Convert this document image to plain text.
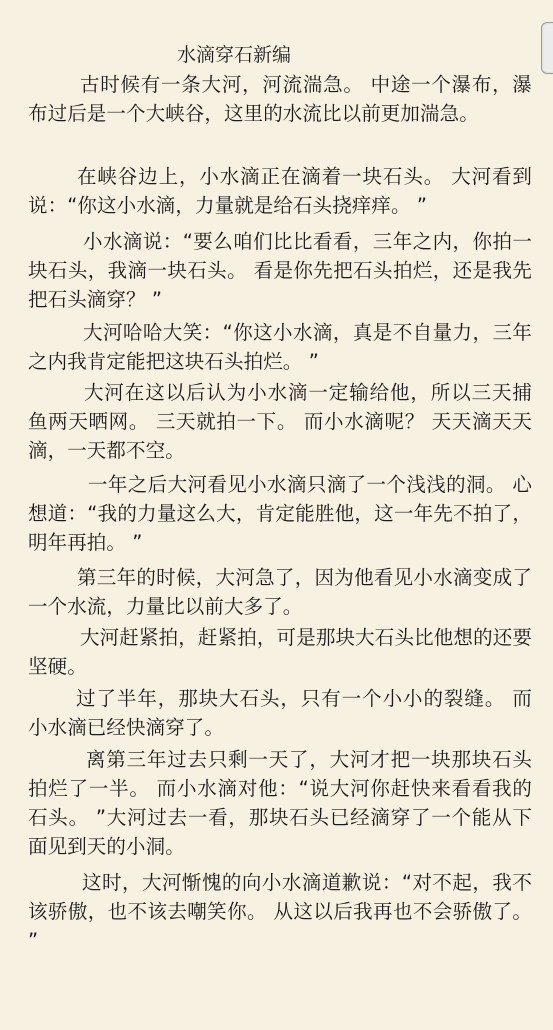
水滴穿石新编
古时候有一条大河，河流湍急。 中途一个瀑布，瀑布过后是一个大峡谷，这里的水流比以前更加湍急。
在峡谷边上，小水滴正在滴着一块石头。 大河看到说：“你这小水滴，力量就是给石头挠痒痒。 ”
小水滴说：“要么咱们比比看看，三年之内，你拍一块石头，我滴一块石头。 看是你先把石头拍烂，还是我先把石头滴穿？ ”
大河哈哈大笑：“你这小水滴，真是不自量力，三年之内我肯定能把这块石头拍烂。 ”
大河在这以后认为小水滴一定输给他，所以三天捕鱼两天晒网。 三天就拍一下。 而小水滴呢？ 天天滴天天滴，一天都不空。
一年之后大河看见小水滴只滴了一个浅浅的洞。 心想道：“我的力量这么大，肯定能胜他，这一年先不拍了，明年再拍。 ”
第三年的时候，大河急了，因为他看见小水滴变成了一个水流，力量比以前大多了。
大河赶紧拍，赶紧拍，可是那块大石头比他想的还要坚硬。
过了半年，那块大石头，只有一个小小的裂缝。 而小水滴已经快滴穿了。
离第三年过去只剩一天了，大河才把一块那块石头拍烂了一半。 而小水滴对他：“说大河你赶快来看看我的石头。 ”大河过去一看，那块石头已经滴穿了一个能从下面见到天的小洞。
这时，大河惭愧的向小水滴道歉说：“对不起，我不该骄傲，也不该去嘲笑你。 从这以后我再也不会骄傲了。 ”
